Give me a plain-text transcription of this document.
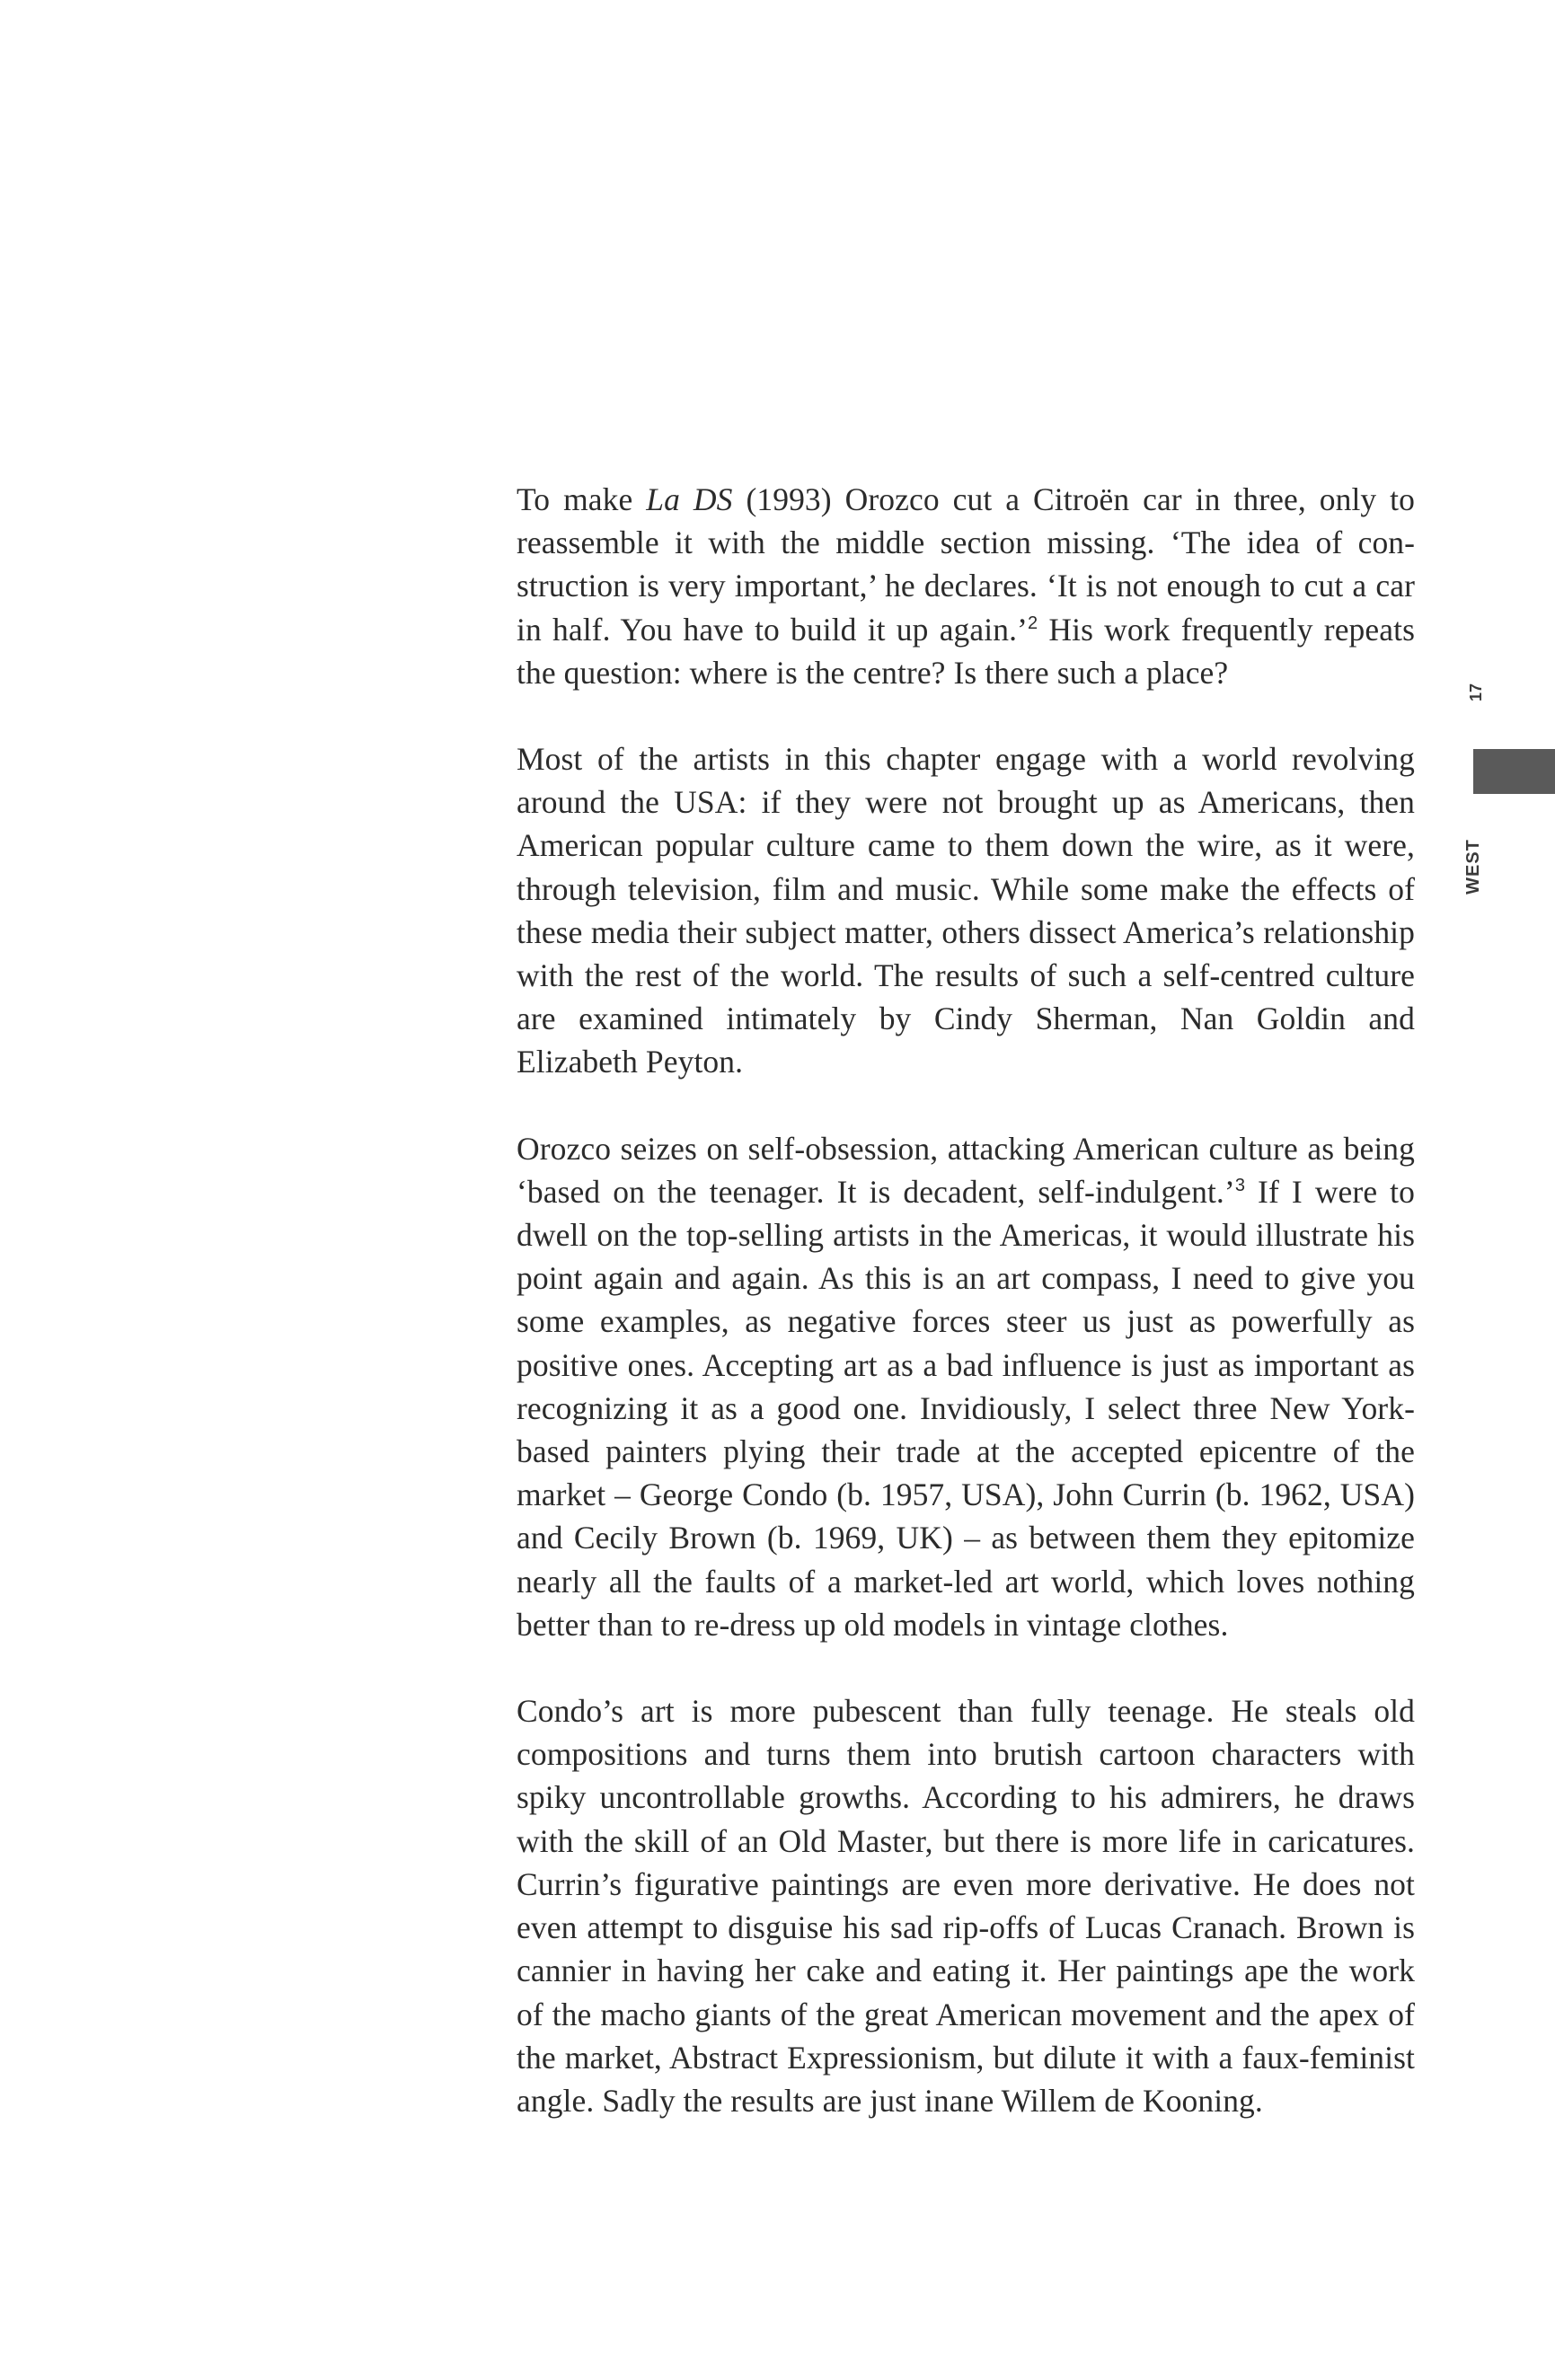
To make La DS (1993) Orozco cut a Citroën car in three, only to reassemble it with the middle section missing. ‘The idea of construction is very important,’ he declares. ‘It is not enough to cut a car in half. You have to build it up again.’$^2$ His work frequently repeats the question: where is the centre? Is there such a place?

Most of the artists in this chapter engage with a world revolving around the USA: if they were not brought up as Americans, then American popular culture came to them down the wire, as it were, through television, film and music. While some make the effects of these media their subject matter, others dissect America’s relationship with the rest of the world. The results of such a self-centred culture are examined intimately by Cindy Sherman, Nan Goldin and Elizabeth Peyton.

Orozco seizes on self-obsession, attacking American culture as being ‘based on the teenager. It is decadent, self-indulgent.’$^3$ If I were to dwell on the top-selling artists in the Americas, it would illustrate his point again and again. As this is an art compass, I need to give you some examples, as negative forces steer us just as powerfully as positive ones. Accepting art as a bad influence is just as important as recognizing it as a good one. Invidiously, I select three New York-based painters plying their trade at the accepted epicentre of the market – George Condo (b. 1957, USA), John Currin (b. 1962, USA) and Cecily Brown (b. 1969, UK) – as between them they epitomize nearly all the faults of a market-led art world, which loves nothing better than to re-dress up old models in vintage clothes.

Condo’s art is more pubescent than fully teenage. He steals old compositions and turns them into brutish cartoon characters with spiky uncontrollable growths. According to his admirers, he draws with the skill of an Old Master, but there is more life in caricatures. Currin’s figurative paintings are even more derivative. He does not even attempt to disguise his sad rip-offs of Lucas Cranach. Brown is cannier in having her cake and eating it. Her paintings ape the work of the macho giants of the great American movement and the apex of the market, Abstract Expressionism, but dilute it with a faux-feminist angle. Sadly the results are just inane Willem de Kooning.

17
WEST
